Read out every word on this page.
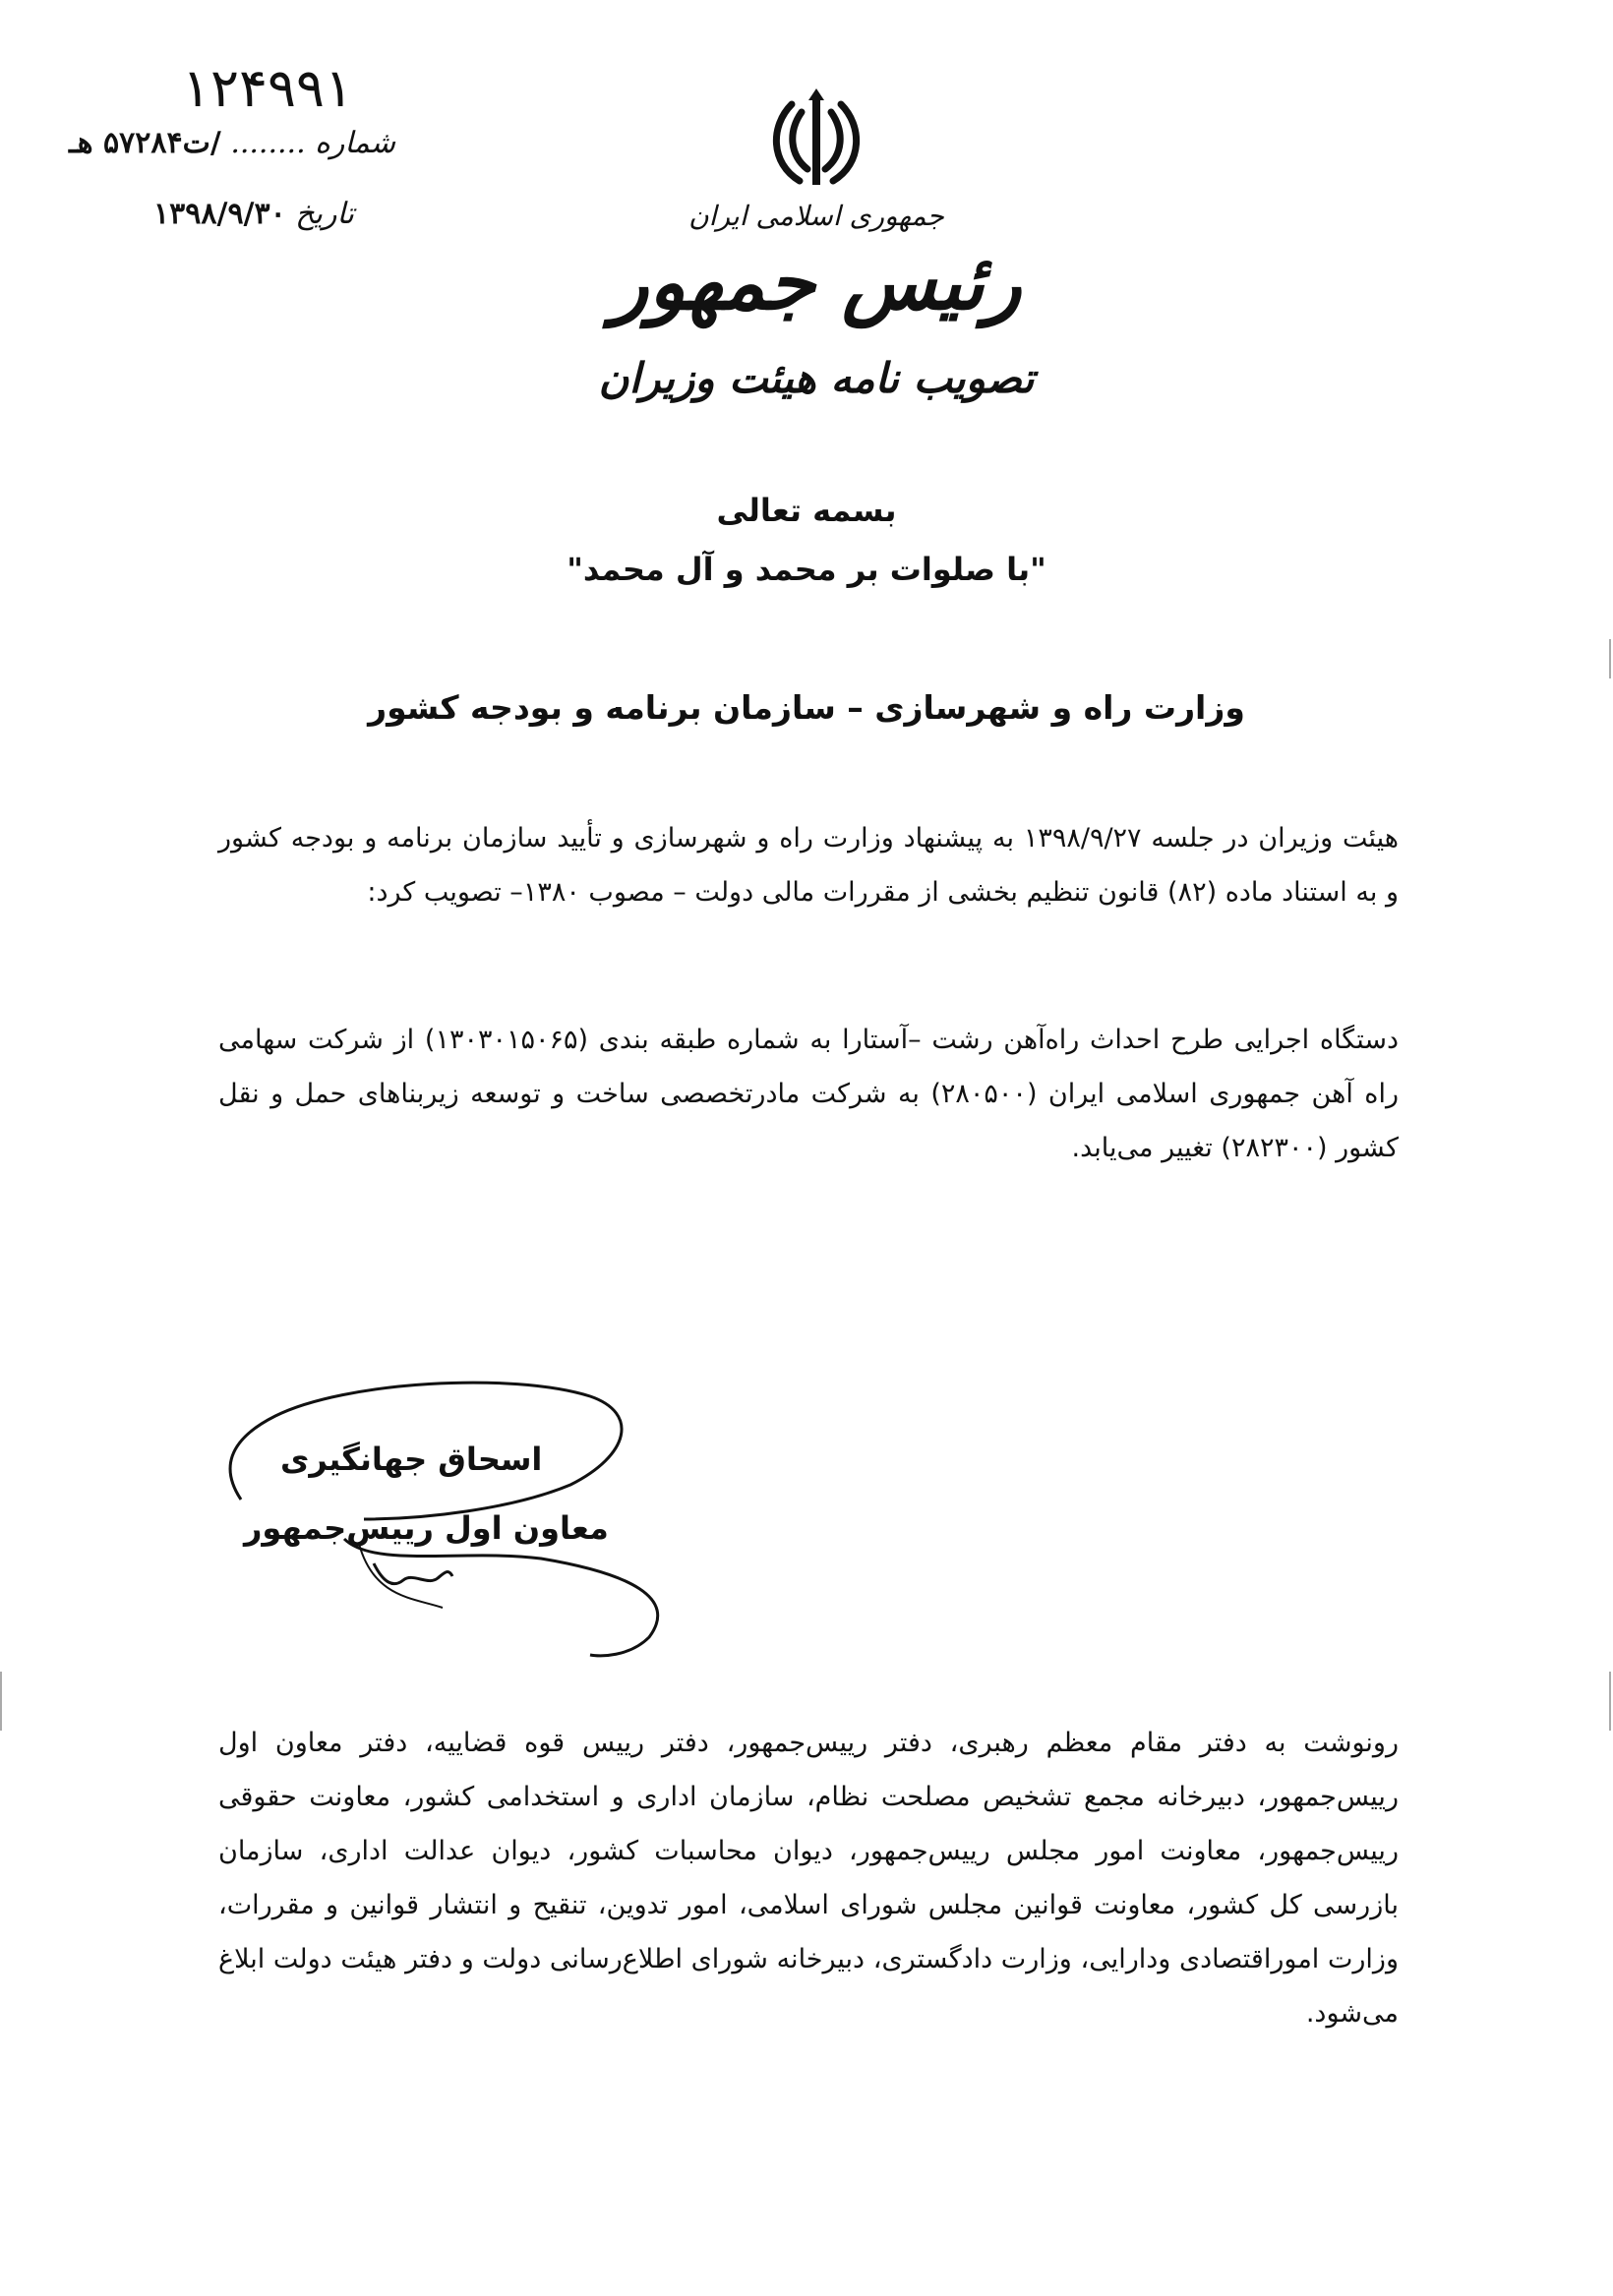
۱۲۴۹۹۱
شماره ........ /ت۵۷۲۸۴ هـ
تاریخ ۱۳۹۸/۹/۳۰	جمهوری اسلامی ایران
رئیس جمهور
تصویب نامه هیئت وزیران
بسمه تعالی
"با صلوات بر محمد و آل محمد"
وزارت راه و شهرسازی – سازمان برنامه و بودجه کشور
هیئت وزیران در جلسه ۱۳۹۸/۹/۲۷ به پیشنهاد وزارت راه و شهرسازی و تأیید سازمان برنامه و بودجه کشور و به استناد ماده (۸۲) قانون تنظیم بخشی از مقررات مالی دولت – مصوب ۱۳۸۰– تصویب کرد:
دستگاه اجرایی طرح احداث راه‌آهن رشت –آستارا به شماره طبقه بندی (۱۳۰۳۰۱۵۰۶۵) از شرکت سهامی راه آهن جمهوری اسلامی ایران (۲۸۰۵۰۰) به شرکت مادرتخصصی ساخت و توسعه زیربناهای حمل و نقل کشور (۲۸۲۳۰۰) تغییر می‌یابد.
اسحاق جهانگیری
معاون اول رییس‌جمهور
رونوشت به دفتر مقام معظم رهبری، دفتر رییس‌جمهور، دفتر رییس قوه قضاییه، دفتر معاون اول رییس‌جمهور، دبیرخانه مجمع تشخیص مصلحت نظام، سازمان اداری و استخدامی کشور، معاونت حقوقی رییس‌جمهور، معاونت امور مجلس رییس‌جمهور، دیوان محاسبات کشور، دیوان عدالت اداری، سازمان بازرسی کل کشور، معاونت قوانین مجلس شورای اسلامی، امور تدوین، تنقیح و انتشار قوانین و مقررات، وزارت اموراقتصادی ودارایی، وزارت دادگستری، دبیرخانه شورای اطلاع‌رسانی دولت و دفتر هیئت دولت ابلاغ می‌شود.
